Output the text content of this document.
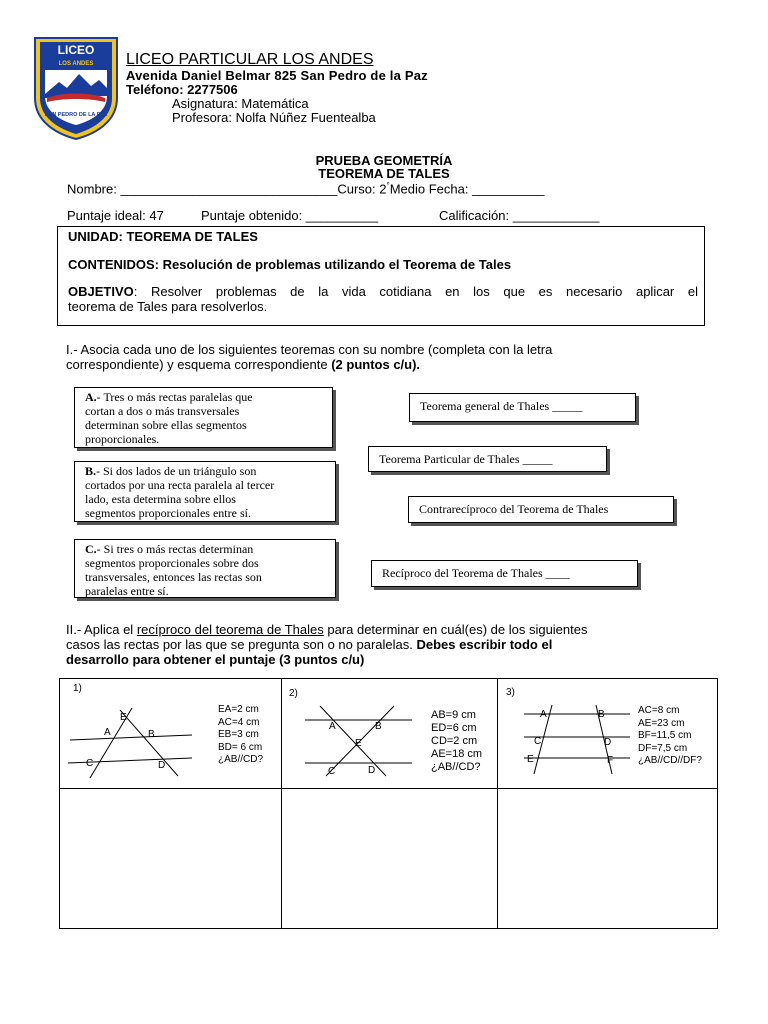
LICEO
LOS ANDES
SAN PEDRO DE LA PAZ
LICEO PARTICULAR LOS ANDES
Avenida Daniel Belmar 825 San Pedro de la Paz
Teléfono: 2277506
Asignatura: Matemática
Profesora: Nolfa Núñez Fuentealba
PRUEBA GEOMETRÍA
TEOREMA DE TALES
Nombre: ______________________________Curso: 2°Medio Fecha: __________
Puntaje ideal: 47	Puntaje obtenido: __________	Calificación: ____________
UNIDAD: TEOREMA DE TALES
CONTENIDOS: Resolución de problemas utilizando el Teorema de Tales
OBJETIVO: Resolver problemas de la vida cotidiana en los que es necesario aplicar el
teorema de Tales para resolverlos.
I.- Asocia cada uno de los siguientes teoremas con su nombre (completa con la letra
correspondiente) y esquema correspondiente (2 puntos c/u).
A.- Tres o más rectas paralelas que
cortan a dos o más transversales
determinan sobre ellas segmentos
proporcionales.
B.- Si dos lados de un triángulo son
cortados por una recta paralela al tercer
lado, esta determina sobre ellos
segmentos proporcionales entre sí.
C.- Si tres o más rectas determinan
segmentos proporcionales sobre dos
transversales, entonces las rectas son
paralelas entre sí.
Teorema general de Thales _____
Teorema Particular de Thales _____
Contrarecíproco del Teorema de Thales
Recíproco del Teorema de Thales ____
II.- Aplica el recíproco del teorema de Thales para determinar en cuál(es) de los siguientes
casos las rectas por las que se pregunta son o no paralelas. Debes escribir todo el
desarrollo para obtener el puntaje (3 puntos c/u)
1)
E
A	B
C	D
EA=2 cm
AC=4 cm
EB=3 cm
BD= 6 cm
¿AB//CD?
2)
A	B
E
C	D
AB=9 cm
ED=6 cm
CD=2 cm
AE=18 cm
¿AB//CD?
3)
A	B
C	D
E	F
AC=8 cm
AE=23 cm
BF=11,5 cm
DF=7,5 cm
¿AB//CD//DF?
